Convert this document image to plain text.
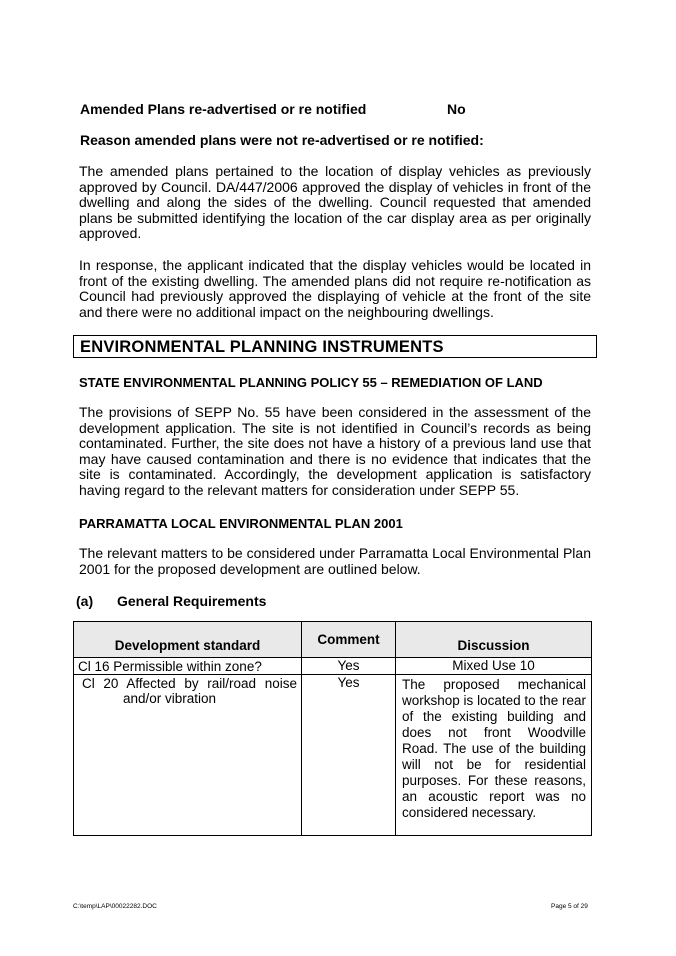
Amended Plans re-advertised or re notified	No
Reason amended plans were not re-advertised or re notified:

The amended plans pertained to the location of display vehicles as previously approved by Council. DA/447/2006 approved the display of vehicles in front of the dwelling and along the sides of the dwelling. Council requested that amended plans be submitted identifying the location of the car display area as per originally approved.

In response, the applicant indicated that the display vehicles would be located in front of the existing dwelling. The amended plans did not require re-notification as Council had previously approved the displaying of vehicle at the front of the site and there were no additional impact on the neighbouring dwellings.

ENVIRONMENTAL PLANNING INSTRUMENTS
STATE ENVIRONMENTAL PLANNING POLICY 55 – REMEDIATION OF LAND

The provisions of SEPP No. 55 have been considered in the assessment of the development application. The site is not identified in Council’s records as being contaminated. Further, the site does not have a history of a previous land use that may have caused contamination and there is no evidence that indicates that the site is contaminated. Accordingly, the development application is satisfactory having regard to the relevant matters for consideration under SEPP 55.

PARRAMATTA LOCAL ENVIRONMENTAL PLAN 2001

The relevant matters to be considered under Parramatta Local Environmental Plan 2001 for the proposed development are outlined below.

(a) General Requirements
Development standard	Comment	Discussion

Cl 16 Permissible within zone?	Yes	Mixed Use 10

Cl 20 Affected by rail/road noise and/or vibration	Yes	The proposed mechanical workshop is located to the rear of the existing building and does not front Woodville Road. The use of the building will not be for residential purposes. For these reasons, an acoustic report was no considered necessary.
C:\temp\LAP\00022282.DOC	Page 5 of 29
